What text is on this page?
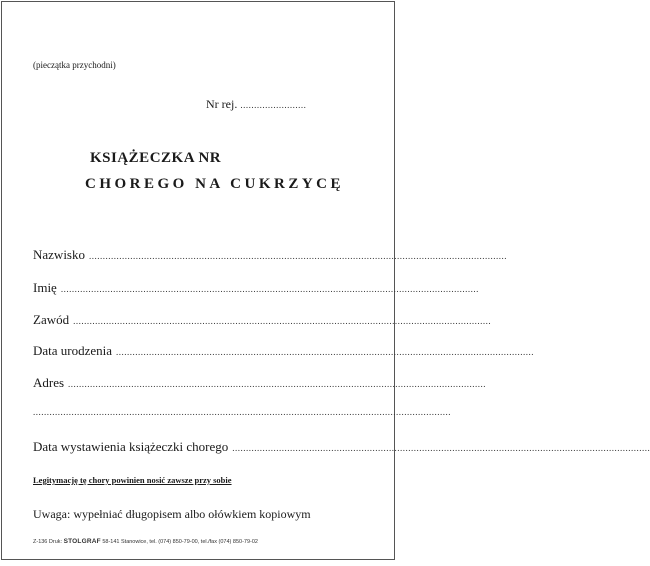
(pieczątka przychodni)
Nr rej. ........................
KSIĄŻECZKA NR
CHOREGO NA CUKRZYCĘ
Nazwisko ........................................................................................................................................................
Imię ........................................................................................................................................................
Zawód ........................................................................................................................................................
Data urodzenia ........................................................................................................................................................
Adres ........................................................................................................................................................
........................................................................................................................................................
Data wystawienia książeczki chorego ........................................................................................................................................................
Legitymację tę chory powinien nosić zawsze przy sobie
Uwaga: wypełniać długopisem albo ołówkiem kopiowym
Z-136 Druk: STOLGRAF 58-141 Stanowice, tel. (074) 850-79-00, tel./fax (074) 850-79-02
